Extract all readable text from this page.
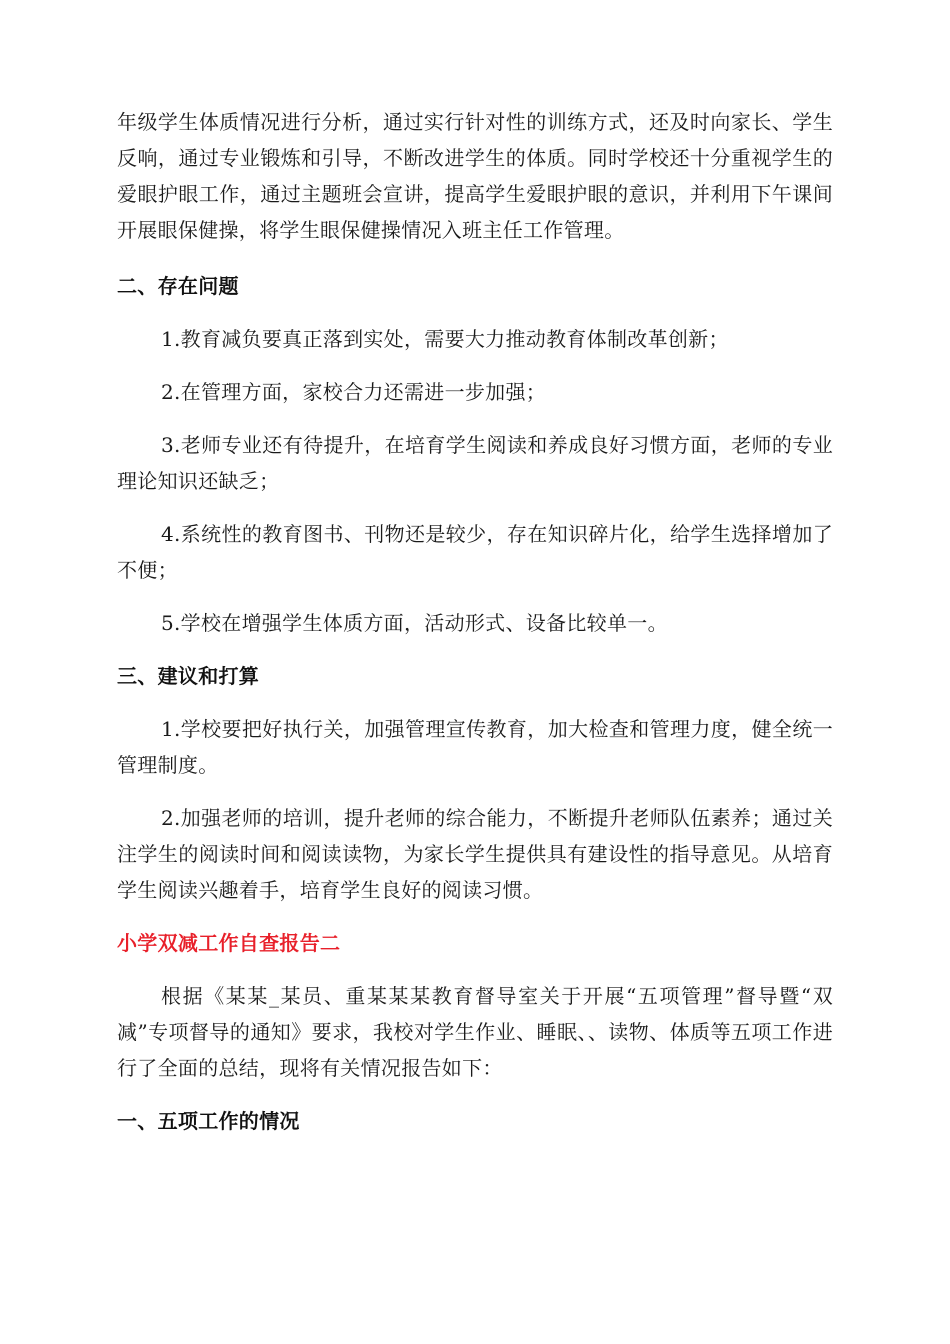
年级学生体质情况进行分析，通过实行针对性的训练方式，还及时向家长、学生反响，通过专业锻炼和引导，不断改进学生的体质。同时学校还十分重视学生的爱眼护眼工作，通过主题班会宣讲，提高学生爱眼护眼的意识，并利用下午课间开展眼保健操，将学生眼保健操情况入班主任工作管理。

二、存在问题

1.教育减负要真正落到实处，需要大力推动教育体制改革创新；

2.在管理方面，家校合力还需进一步加强；

3.老师专业还有待提升，在培育学生阅读和养成良好习惯方面，老师的专业理论知识还缺乏；

4.系统性的教育图书、刊物还是较少，存在知识碎片化，给学生选择增加了不便；

5.学校在增强学生体质方面，活动形式、设备比较单一。

三、建议和打算

1.学校要把好执行关，加强管理宣传教育，加大检查和管理力度，健全统一管理制度。

2.加强老师的培训，提升老师的综合能力，不断提升老师队伍素养；通过关注学生的阅读时间和阅读读物，为家长学生提供具有建设性的指导意见。从培育学生阅读兴趣着手，培育学生良好的阅读习惯。

小学双减工作自查报告二

根据《某某_某员、重某某某教育督导室关于开展“五项管理”督导暨“双减”专项督导的通知》要求，我校对学生作业、睡眠、、读物、体质等五项工作进行了全面的总结，现将有关情况报告如下：

一、五项工作的情况
